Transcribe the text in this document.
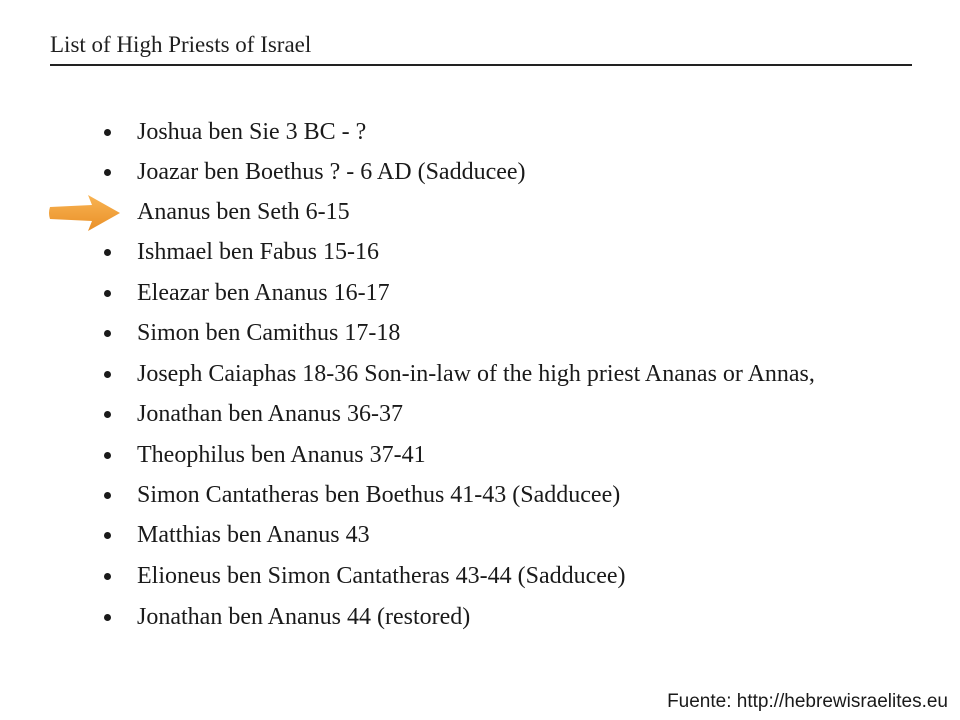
List of High Priests of Israel
Joshua ben Sie 3 BC - ?
Joazar ben Boethus ? - 6 AD (Sadducee)
Ananus ben Seth 6-15
Ishmael ben Fabus 15-16
Eleazar ben Ananus 16-17
Simon ben Camithus 17-18
Joseph Caiaphas 18-36 Son-in-law of the high priest Ananas or Annas,
Jonathan ben Ananus 36-37
Theophilus ben Ananus 37-41
Simon Cantatheras ben Boethus 41-43 (Sadducee)
Matthias ben Ananus 43
Elioneus ben Simon Cantatheras 43-44 (Sadducee)
Jonathan ben Ananus 44 (restored)
Fuente: http://hebrewisraelites.eu
